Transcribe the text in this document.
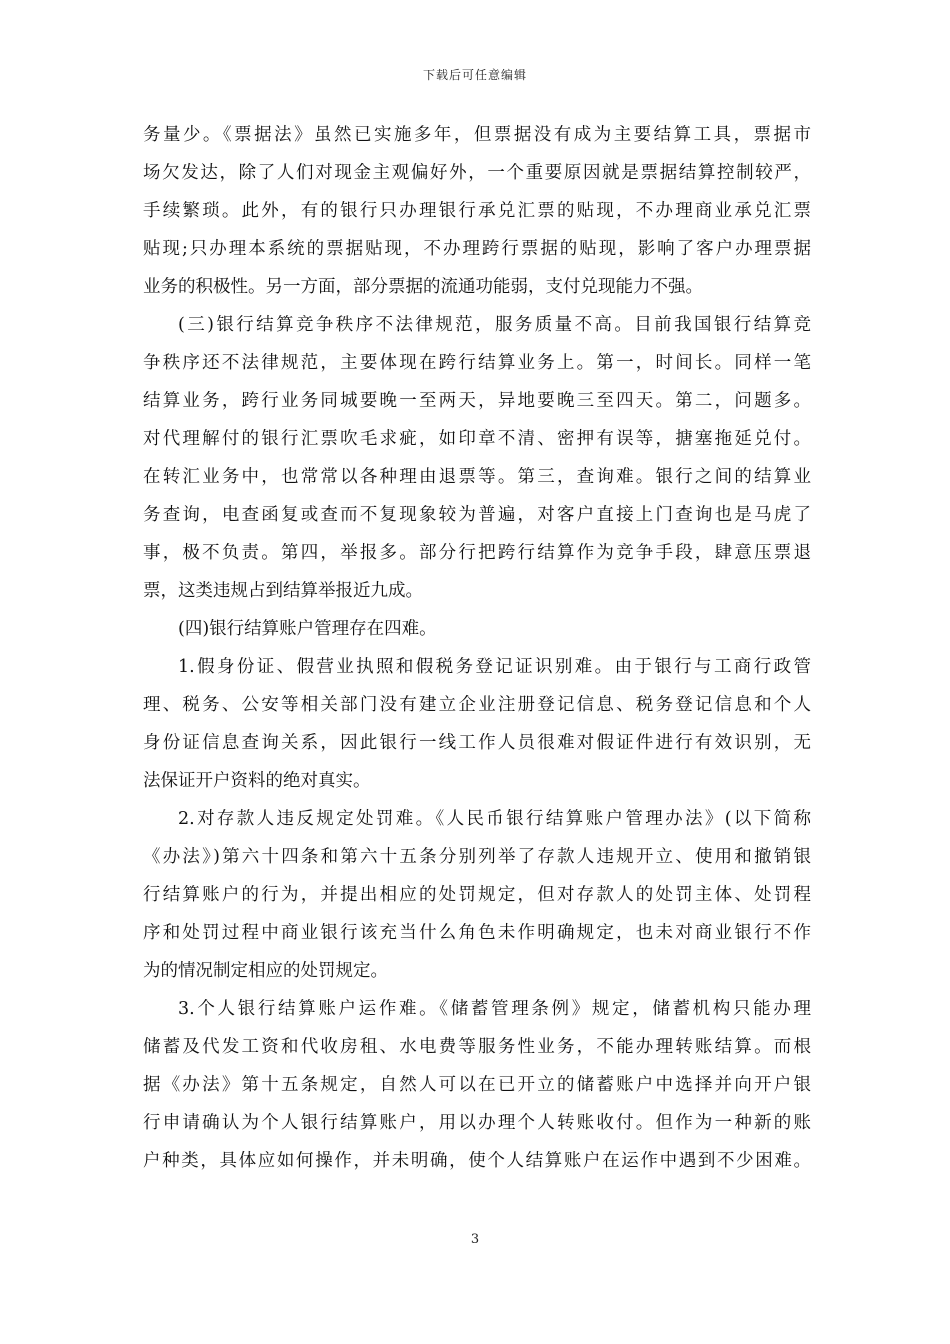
下载后可任意编辑
务量少。《票据法》虽然已实施多年，但票据没有成为主要结算工具，票据市
场欠发达，除了人们对现金主观偏好外，一个重要原因就是票据结算控制较严，
手续繁琐。此外，有的银行只办理银行承兑汇票的贴现，不办理商业承兑汇票
贴现;只办理本系统的票据贴现，不办理跨行票据的贴现，影响了客户办理票据
业务的积极性。另一方面，部分票据的流通功能弱，支付兑现能力不强。
(三)银行结算竞争秩序不法律规范，服务质量不高。目前我国银行结算竞
争秩序还不法律规范，主要体现在跨行结算业务上。第一，时间长。同样一笔
结算业务，跨行业务同城要晚一至两天，异地要晚三至四天。第二，问题多。
对代理解付的银行汇票吹毛求疵，如印章不清、密押有误等，搪塞拖延兑付。
在转汇业务中，也常常以各种理由退票等。第三，查询难。银行之间的结算业
务查询，电查函复或查而不复现象较为普遍，对客户直接上门查询也是马虎了
事，极不负责。第四，举报多。部分行把跨行结算作为竞争手段，肆意压票退
票，这类违规占到结算举报近九成。
(四)银行结算账户管理存在四难。
1.假身份证、假营业执照和假税务登记证识别难。由于银行与工商行政管
理、税务、公安等相关部门没有建立企业注册登记信息、税务登记信息和个人
身份证信息查询关系，因此银行一线工作人员很难对假证件进行有效识别，无
法保证开户资料的绝对真实。
2.对存款人违反规定处罚难。《人民币银行结算账户管理办法》(以下简称
《办法》)第六十四条和第六十五条分别列举了存款人违规开立、使用和撤销银
行结算账户的行为，并提出相应的处罚规定，但对存款人的处罚主体、处罚程
序和处罚过程中商业银行该充当什么角色未作明确规定，也未对商业银行不作
为的情况制定相应的处罚规定。
3.个人银行结算账户运作难。《储蓄管理条例》规定，储蓄机构只能办理
储蓄及代发工资和代收房租、水电费等服务性业务，不能办理转账结算。而根
据《办法》第十五条规定，自然人可以在已开立的储蓄账户中选择并向开户银
行申请确认为个人银行结算账户，用以办理个人转账收付。但作为一种新的账
户种类，具体应如何操作，并未明确，使个人结算账户在运作中遇到不少困难。
3
